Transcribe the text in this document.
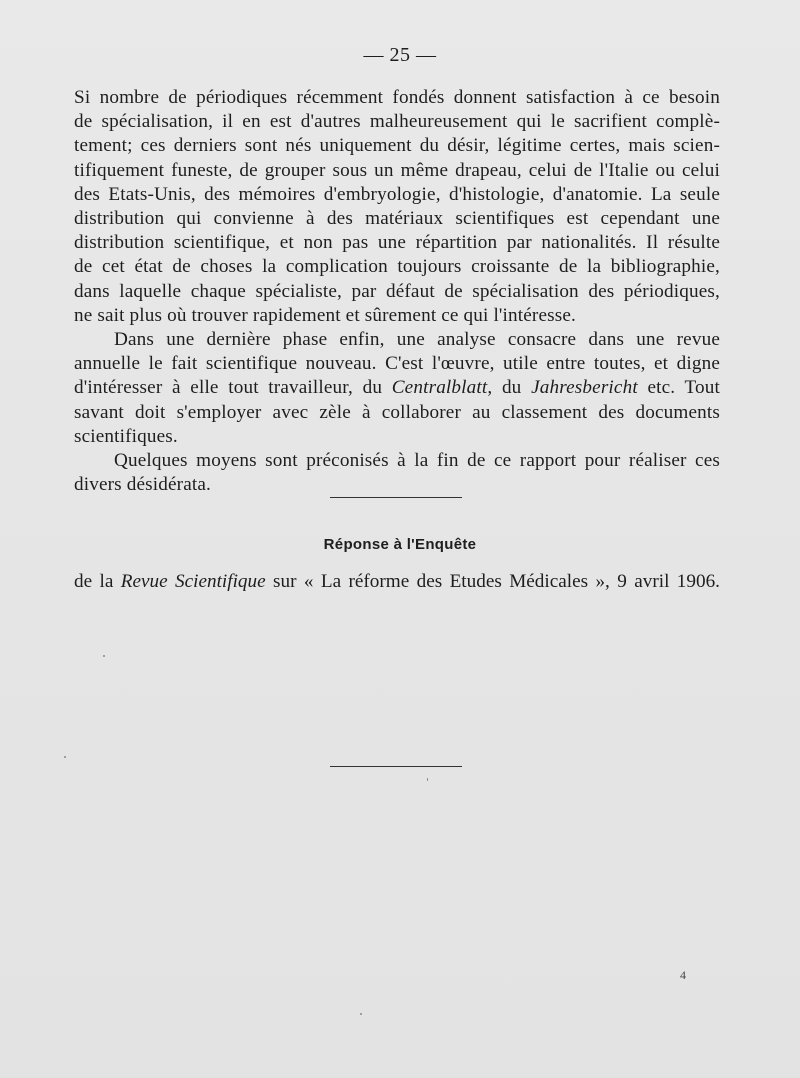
— 25 —

Si nombre de périodiques récemment fondés donnent satisfaction à ce besoin
de spécialisation, il en est d'autres malheureusement qui le sacrifient complè-
tement; ces derniers sont nés uniquement du désir, légitime certes, mais scien-
tifiquement funeste, de grouper sous un même drapeau, celui de l'Italie ou celui
des Etats-Unis, des mémoires d'embryologie, d'histologie, d'anatomie. La seule
distribution qui convienne à des matériaux scientifiques est cependant une
distribution scientifique, et non pas une répartition par nationalités. Il résulte
de cet état de choses la complication toujours croissante de la bibliographie,
dans laquelle chaque spécialiste, par défaut de spécialisation des périodiques,
ne sait plus où trouver rapidement et sûrement ce qui l'intéresse.

Dans une dernière phase enfin, une analyse consacre dans une revue
annuelle le fait scientifique nouveau. C'est l'œuvre, utile entre toutes, et digne
d'intéresser à elle tout travailleur, du Centralblatt, du Jahresbericht etc. Tout
savant doit s'employer avec zèle à collaborer au classement des documents
scientifiques.

Quelques moyens sont préconisés à la fin de ce rapport pour réaliser ces
divers désidérata.

Réponse à l'Enquête
de la Revue Scientifique sur « La réforme des Etudes Médicales », 9 avril 1906.
4
